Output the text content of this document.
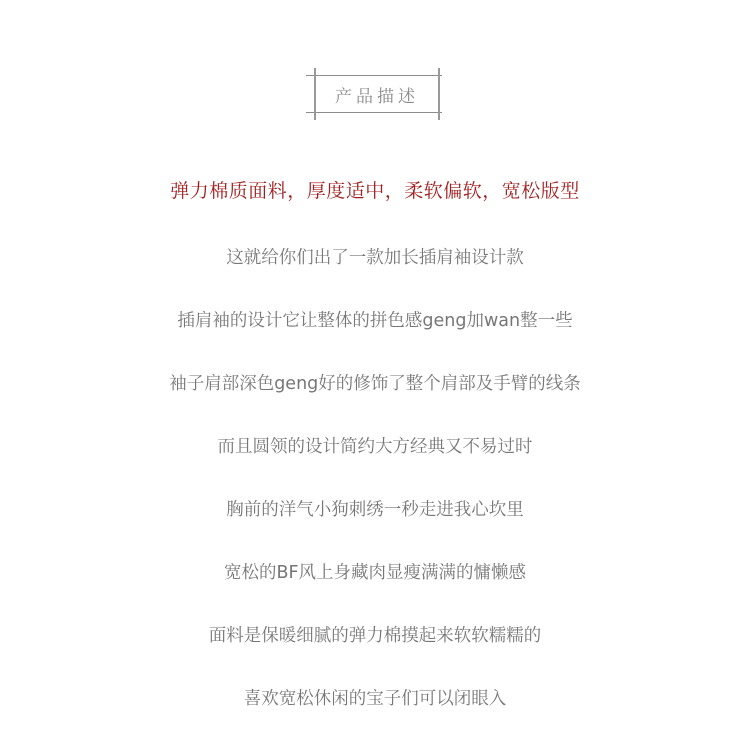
产品描述
弹力棉质面料，厚度适中，柔软偏软，宽松版型
这就给你们出了一款加长插肩袖设计款
插肩袖的设计它让整体的拼色感geng加wan整一些
袖子肩部深色geng好的修饰了整个肩部及手臂的线条
而且圆领的设计简约大方经典又不易过时
胸前的洋气小狗刺绣一秒走进我心坎里
宽松的BF风上身藏肉显瘦满满的慵懒感
面料是保暖细腻的弹力棉摸起来软软糯糯的
喜欢宽松休闲的宝子们可以闭眼入
